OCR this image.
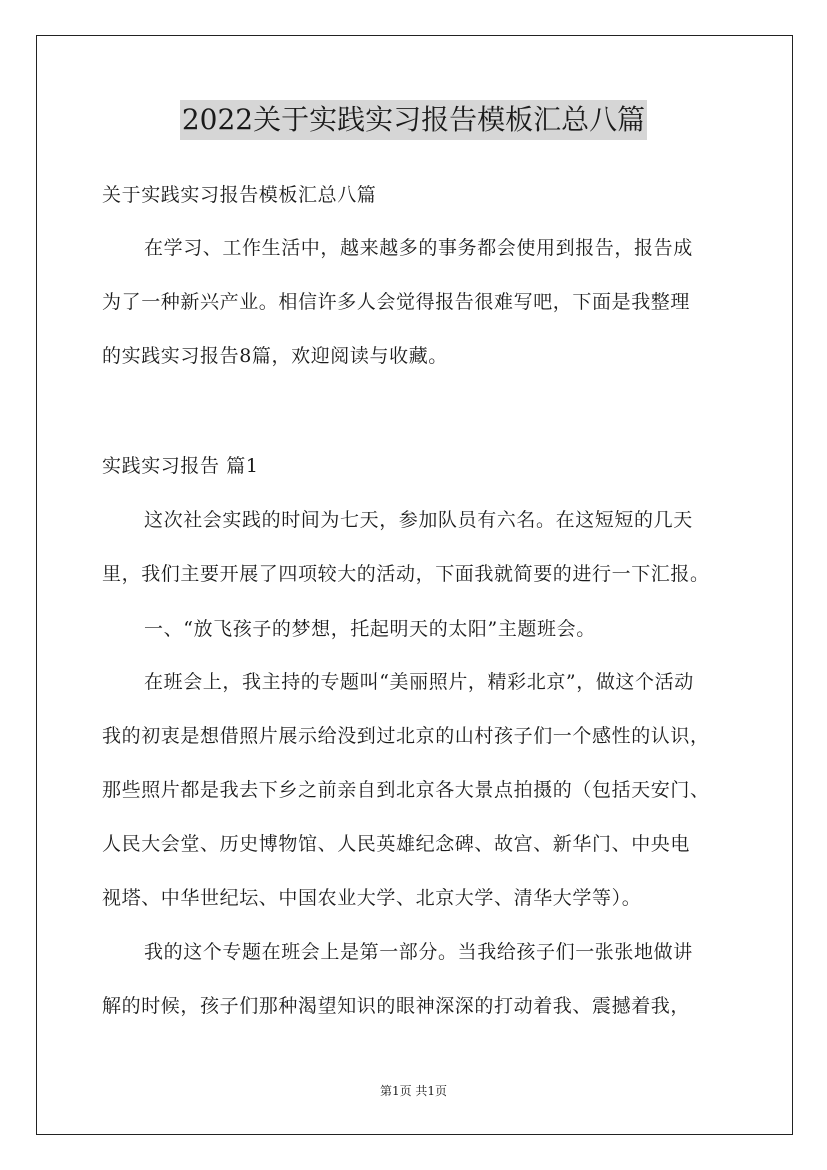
2022关于实践实习报告模板汇总八篇
关于实践实习报告模板汇总八篇
在学习、工作生活中，越来越多的事务都会使用到报告，报告成
为了一种新兴产业。相信许多人会觉得报告很难写吧，下面是我整理
的实践实习报告8篇，欢迎阅读与收藏。
实践实习报告 篇1
这次社会实践的时间为七天，参加队员有六名。在这短短的几天
里，我们主要开展了四项较大的活动，下面我就简要的进行一下汇报。
一、“放飞孩子的梦想，托起明天的太阳”主题班会。
在班会上，我主持的专题叫“美丽照片，精彩北京”，做这个活动
我的初衷是想借照片展示给没到过北京的山村孩子们一个感性的认识，
那些照片都是我去下乡之前亲自到北京各大景点拍摄的（包括天安门、
人民大会堂、历史博物馆、人民英雄纪念碑、故宫、新华门、中央电
视塔、中华世纪坛、中国农业大学、北京大学、清华大学等）。
我的这个专题在班会上是第一部分。当我给孩子们一张张地做讲
解的时候，孩子们那种渴望知识的眼神深深的打动着我、震撼着我，
第1页 共1页
